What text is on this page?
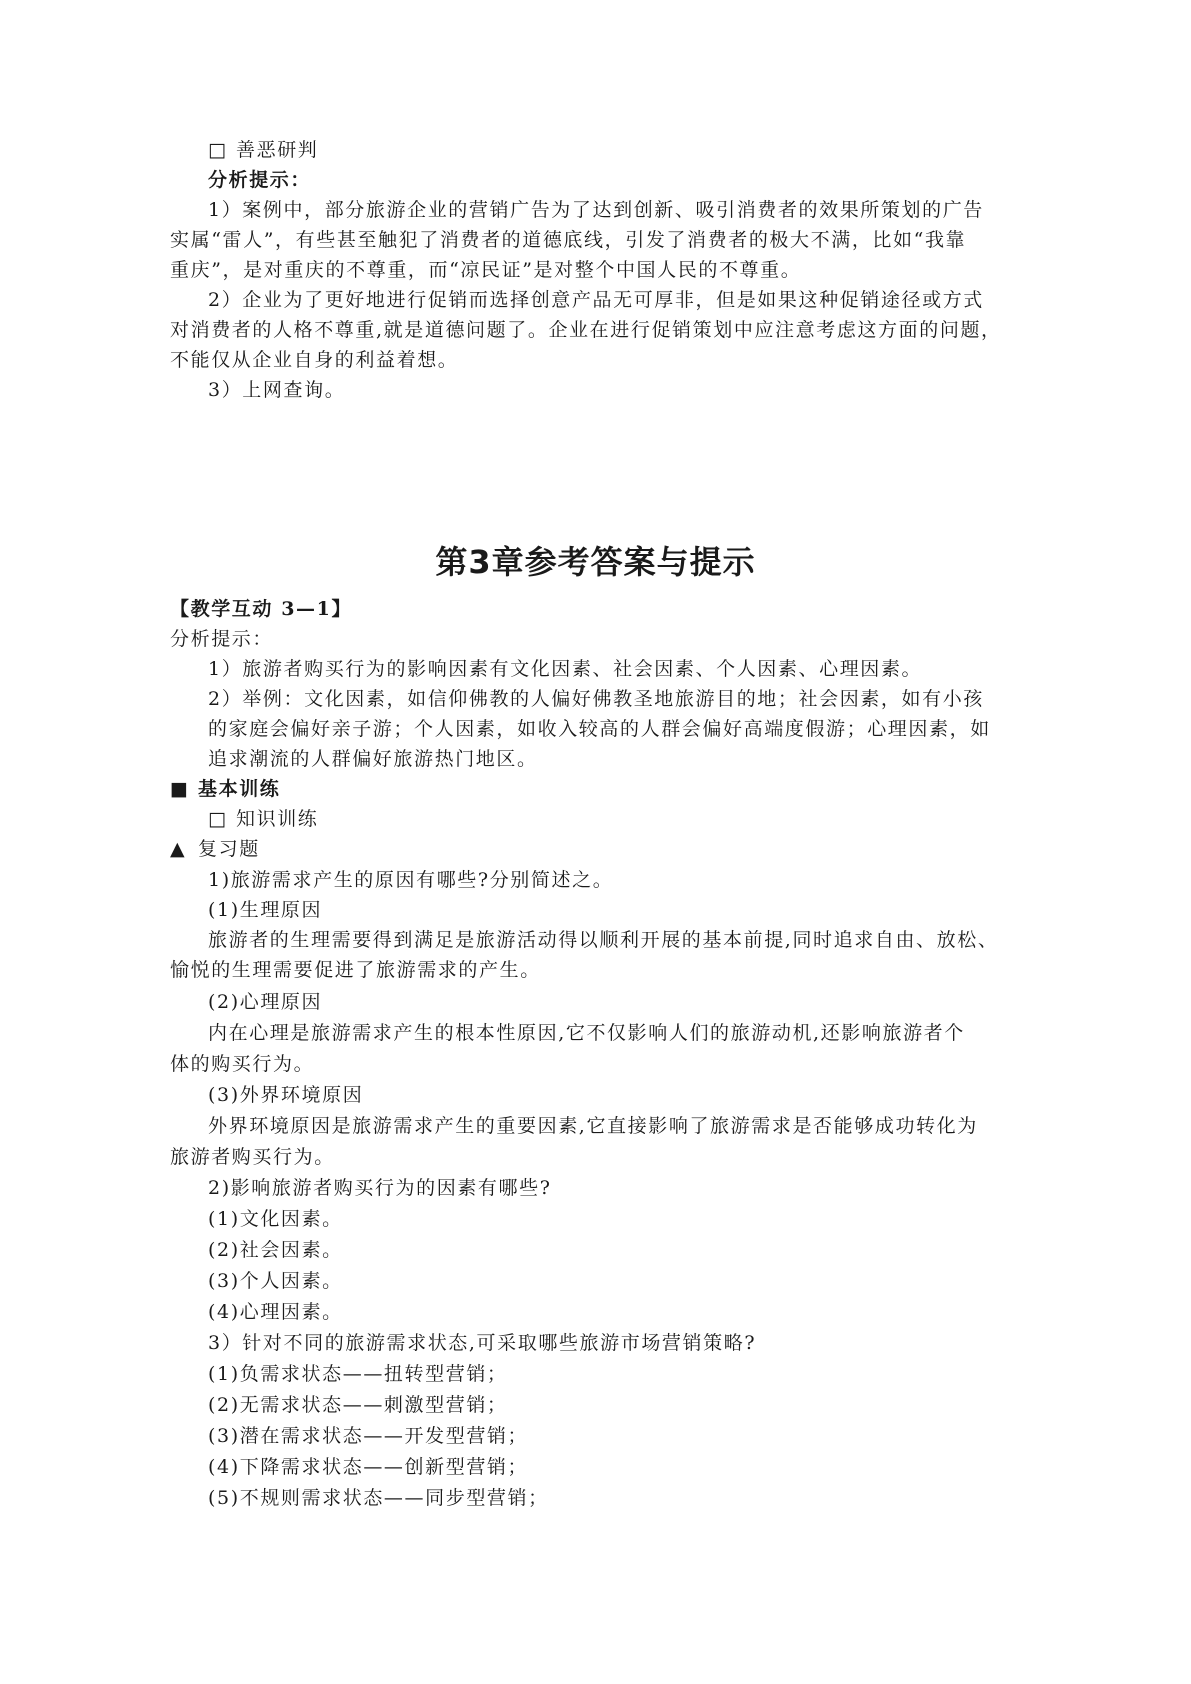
□ 善恶研判
分析提示：
1）案例中，部分旅游企业的营销广告为了达到创新、吸引消费者的效果所策划的广告
实属“雷人”，有些甚至触犯了消费者的道德底线，引发了消费者的极大不满，比如“我靠
重庆”，是对重庆的不尊重，而“凉民证”是对整个中国人民的不尊重。
2）企业为了更好地进行促销而选择创意产品无可厚非，但是如果这种促销途径或方式
对消费者的人格不尊重,就是道德问题了。企业在进行促销策划中应注意考虑这方面的问题，
不能仅从企业自身的利益着想。
3）上网查询。
第3章参考答案与提示
【教学互动 3—1】
分析提示：
1）旅游者购买行为的影响因素有文化因素、社会因素、个人因素、心理因素。
2）举例：文化因素，如信仰佛教的人偏好佛教圣地旅游目的地；社会因素，如有小孩
的家庭会偏好亲子游；个人因素，如收入较高的人群会偏好高端度假游；心理因素，如
追求潮流的人群偏好旅游热门地区。
■ 基本训练
□ 知识训练
▲ 复习题
1)旅游需求产生的原因有哪些?分别简述之。
(1)生理原因
旅游者的生理需要得到满足是旅游活动得以顺利开展的基本前提,同时追求自由、放松、
愉悦的生理需要促进了旅游需求的产生。
(2)心理原因
内在心理是旅游需求产生的根本性原因,它不仅影响人们的旅游动机,还影响旅游者个
体的购买行为。
(3)外界环境原因
外界环境原因是旅游需求产生的重要因素,它直接影响了旅游需求是否能够成功转化为
旅游者购买行为。
2)影响旅游者购买行为的因素有哪些?
(1)文化因素。
(2)社会因素。
(3)个人因素。
(4)心理因素。
3）针对不同的旅游需求状态,可采取哪些旅游市场营销策略?
(1)负需求状态——扭转型营销；
(2)无需求状态——刺激型营销；
(3)潜在需求状态——开发型营销；
(4)下降需求状态——创新型营销；
(5)不规则需求状态——同步型营销；
